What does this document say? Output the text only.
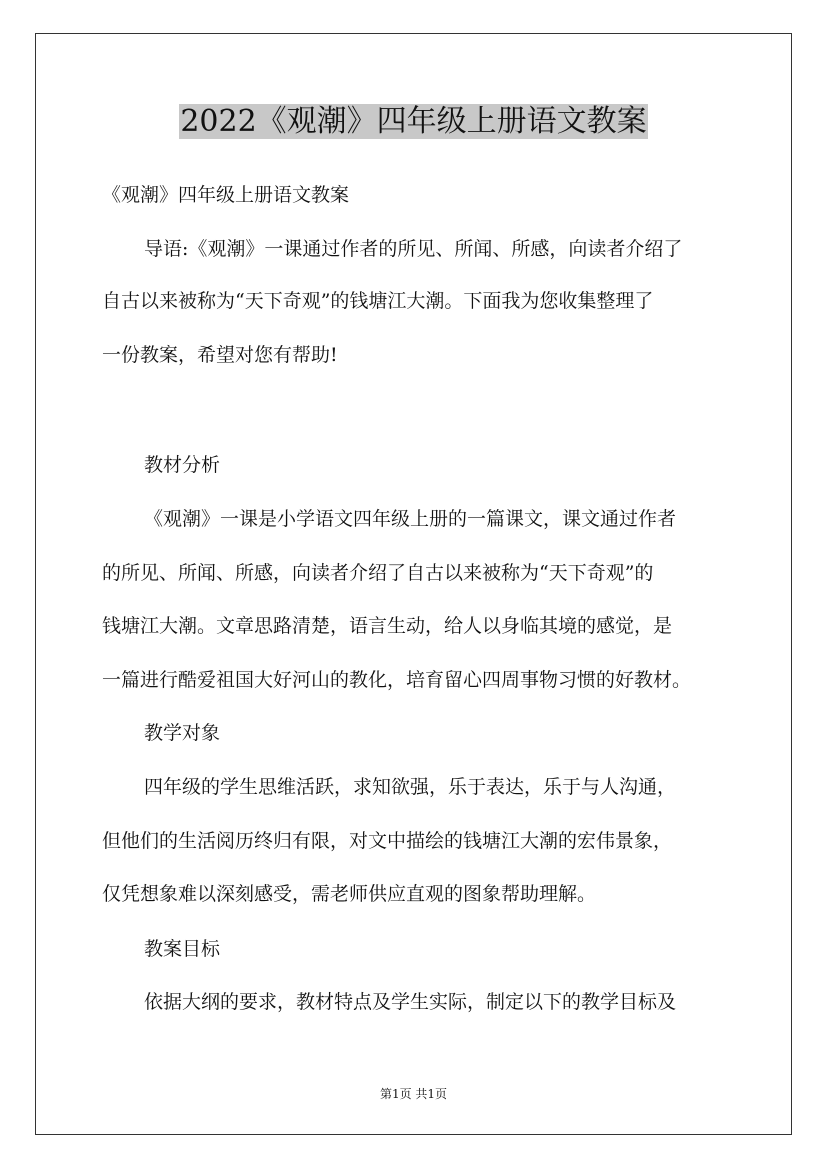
2022《观潮》四年级上册语文教案
《观潮》四年级上册语文教案
导语:《观潮》一课通过作者的所见、所闻、所感，向读者介绍了
自古以来被称为“天下奇观”的钱塘江大潮。下面我为您收集整理了
一份教案，希望对您有帮助!
教材分析
《观潮》一课是小学语文四年级上册的一篇课文，课文通过作者
的所见、所闻、所感，向读者介绍了自古以来被称为“天下奇观”的
钱塘江大潮。文章思路清楚，语言生动，给人以身临其境的感觉，是
一篇进行酷爱祖国大好河山的教化，培育留心四周事物习惯的好教材。
教学对象
四年级的学生思维活跃，求知欲强，乐于表达，乐于与人沟通，
但他们的生活阅历终归有限，对文中描绘的钱塘江大潮的宏伟景象，
仅凭想象难以深刻感受，需老师供应直观的图象帮助理解。
教案目标
依据大纲的要求，教材特点及学生实际，制定以下的教学目标及
第1页 共1页
